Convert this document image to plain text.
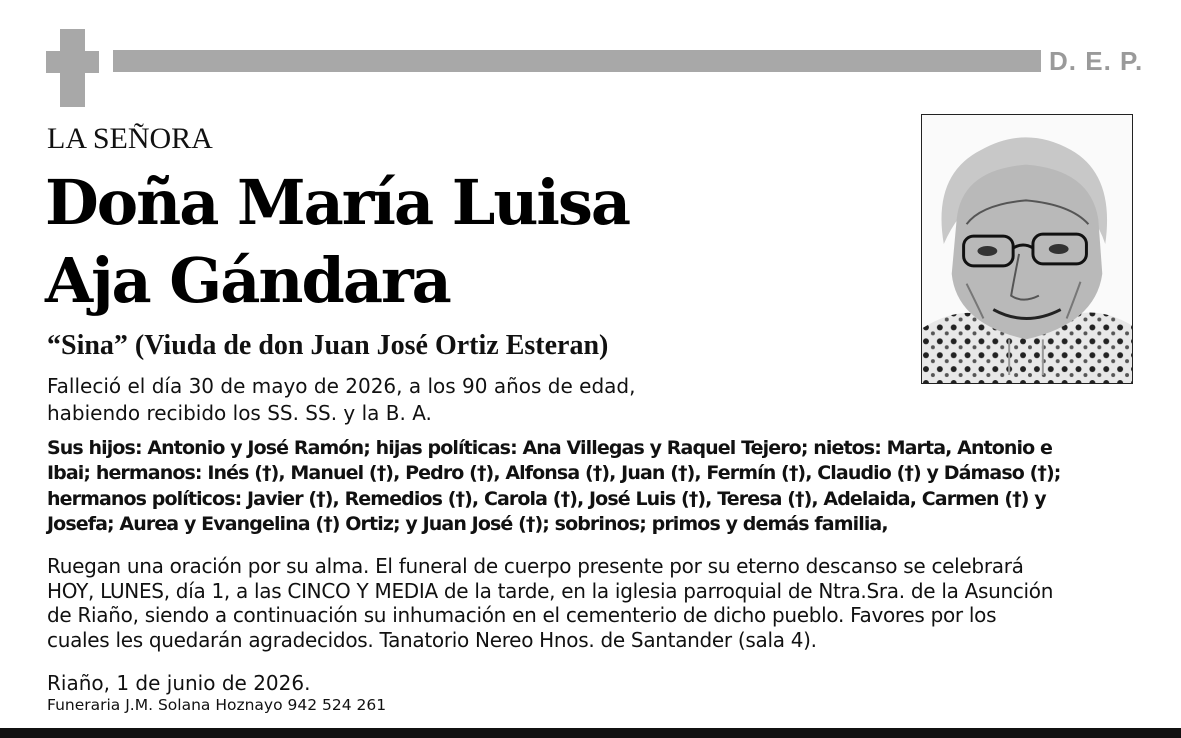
D. E. P.
LA SEÑORA
Doña María Luisa
Aja Gándara
“Sina” (Viuda de don Juan José Ortiz Esteran)

Falleció el día 30 de mayo de 2026, a los 90 años de edad,
habiendo recibido los SS. SS. y la B. A.

Sus hijos: Antonio y José Ramón; hijas políticas: Ana Villegas y Raquel Tejero; nietos: Marta, Antonio e
Ibai; hermanos: Inés (†), Manuel (†), Pedro (†), Alfonsa (†), Juan (†), Fermín (†), Claudio (†) y Dámaso (†);
hermanos políticos: Javier (†), Remedios (†), Carola (†), José Luis (†), Teresa (†), Adelaida, Carmen (†) y
Josefa; Aurea y Evangelina (†) Ortiz; y Juan José (†); sobrinos; primos y demás familia,

Ruegan una oración por su alma. El funeral de cuerpo presente por su eterno descanso se celebrará
HOY, LUNES, día 1, a las CINCO Y MEDIA de la tarde, en la iglesia parroquial de Ntra.Sra. de la Asunción
de Riaño, siendo a continuación su inhumación en el cementerio de dicho pueblo. Favores por los
cuales les quedarán agradecidos. Tanatorio Nereo Hnos. de Santander (sala 4).

Riaño, 1 de junio de 2026.
Funeraria J.M. Solana Hoznayo 942 524 261
